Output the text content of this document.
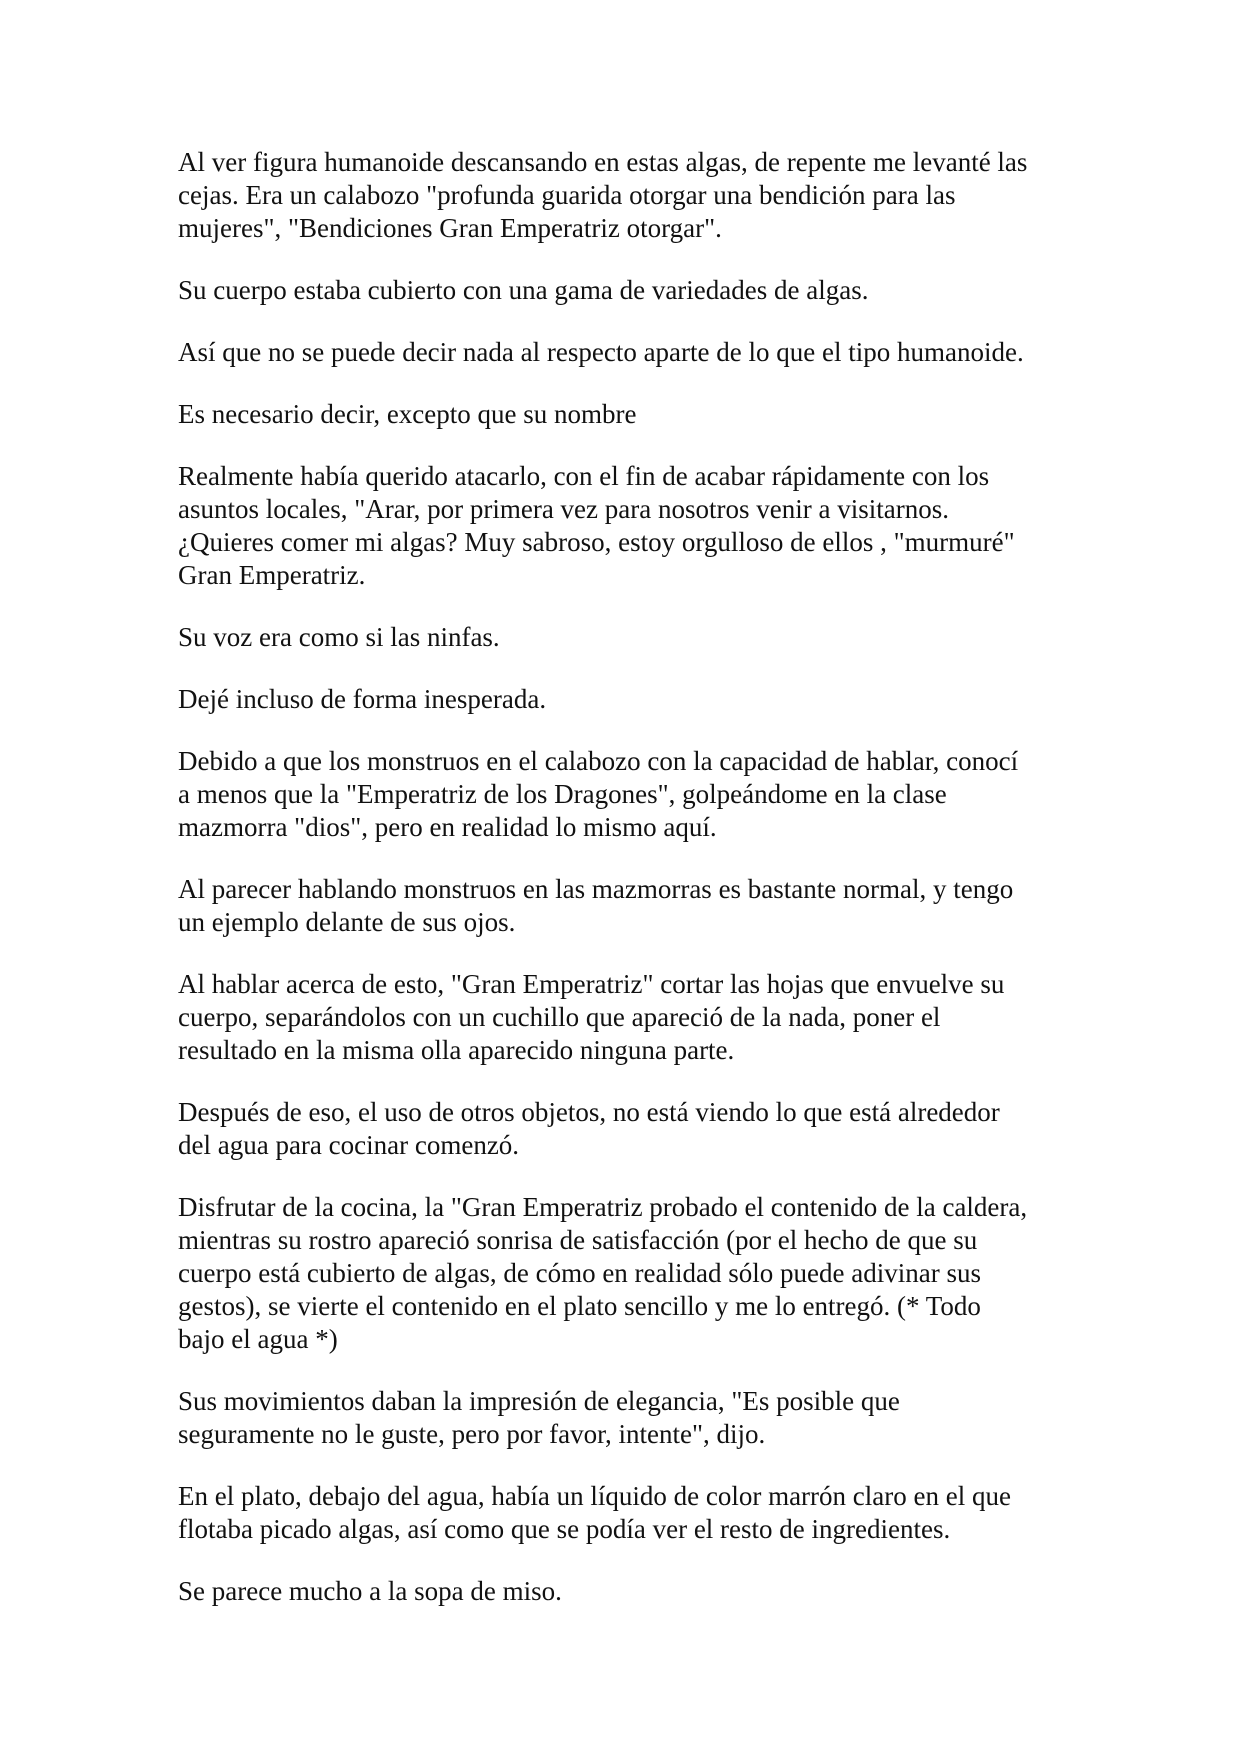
Al ver figura humanoide descansando en estas algas, de repente me levanté las
cejas. Era un calabozo "profunda guarida otorgar una bendición para las
mujeres", "Bendiciones Gran Emperatriz otorgar".

Su cuerpo estaba cubierto con una gama de variedades de algas.

Así que no se puede decir nada al respecto aparte de lo que el tipo humanoide.

Es necesario decir, excepto que su nombre

Realmente había querido atacarlo, con el fin de acabar rápidamente con los
asuntos locales, "Arar, por primera vez para nosotros venir a visitarnos.
¿Quieres comer mi algas? Muy sabroso, estoy orgulloso de ellos , "murmuré"
Gran Emperatriz.

Su voz era como si las ninfas.

Dejé incluso de forma inesperada.

Debido a que los monstruos en el calabozo con la capacidad de hablar, conocí
a menos que la "Emperatriz de los Dragones", golpeándome en la clase
mazmorra "dios", pero en realidad lo mismo aquí.

Al parecer hablando monstruos en las mazmorras es bastante normal, y tengo
un ejemplo delante de sus ojos.

Al hablar acerca de esto, "Gran Emperatriz" cortar las hojas que envuelve su
cuerpo, separándolos con un cuchillo que apareció de la nada, poner el
resultado en la misma olla aparecido ninguna parte.

Después de eso, el uso de otros objetos, no está viendo lo que está alrededor
del agua para cocinar comenzó.

Disfrutar de la cocina, la "Gran Emperatriz probado el contenido de la caldera,
mientras su rostro apareció sonrisa de satisfacción (por el hecho de que su
cuerpo está cubierto de algas, de cómo en realidad sólo puede adivinar sus
gestos), se vierte el contenido en el plato sencillo y me lo entregó. (* Todo
bajo el agua *)

Sus movimientos daban la impresión de elegancia, "Es posible que
seguramente no le guste, pero por favor, intente", dijo.

En el plato, debajo del agua, había un líquido de color marrón claro en el que
flotaba picado algas, así como que se podía ver el resto de ingredientes.

Se parece mucho a la sopa de miso.
